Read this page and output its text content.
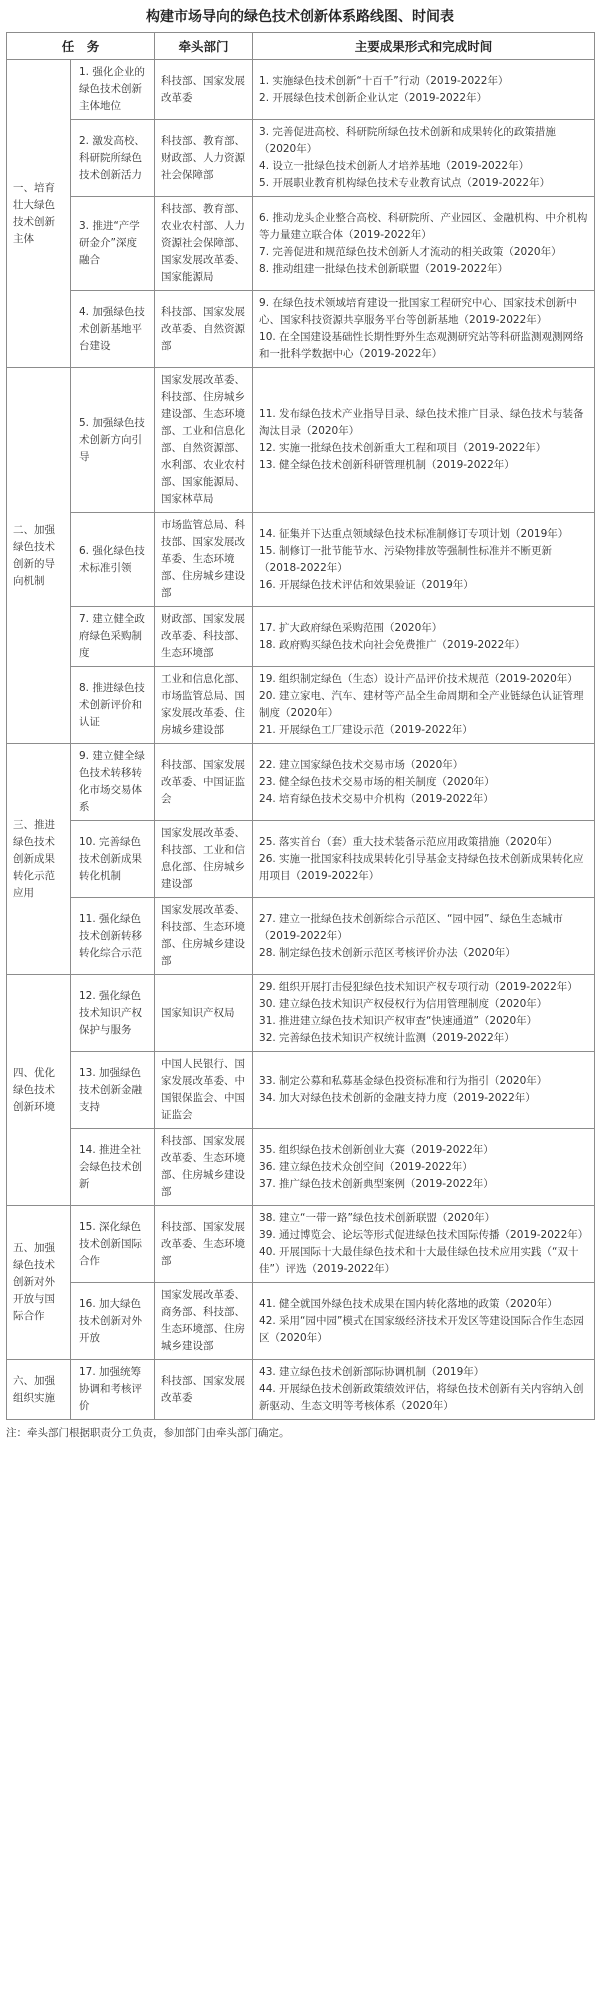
构建市场导向的绿色技术创新体系路线图、时间表
任　务		牵头部门	主要成果形式和完成时间
一、培育壮大绿色技术创新主体	1. 强化企业的绿色技术创新主体地位	科技部、国家发展改革委	1. 实施绿色技术创新“十百千”行动（2019-2022年）
2. 开展绿色技术创新企业认定（2019-2022年）

	2. 激发高校、科研院所绿色技术创新活力	科技部、教育部、财政部、人力资源社会保障部	3. 完善促进高校、科研院所绿色技术创新和成果转化的政策措施（2020年）
4. 设立一批绿色技术创新人才培养基地（2019-2022年）
5. 开展职业教育机构绿色技术专业教育试点（2019-2022年）

	3. 推进“产学研金介”深度融合	科技部、教育部、农业农村部、人力资源社会保障部、国家发展改革委、国家能源局	6. 推动龙头企业整合高校、科研院所、产业园区、金融机构、中介机构等力量建立联合体（2019-2022年）
7. 完善促进和规范绿色技术创新人才流动的相关政策（2020年）
8. 推动组建一批绿色技术创新联盟（2019-2022年）

	4. 加强绿色技术创新基地平台建设	科技部、国家发展改革委、自然资源部	9. 在绿色技术领域培育建设一批国家工程研究中心、国家技术创新中心、国家科技资源共享服务平台等创新基地（2019-2022年）
10. 在全国建设基础性长期性野外生态观测研究站等科研监测观测网络和一批科学数据中心（2019-2022年）

二、加强绿色技术创新的导向机制	5. 加强绿色技术创新方向引导	国家发展改革委、科技部、住房城乡建设部、生态环境部、工业和信息化部、自然资源部、水利部、农业农村部、国家能源局、国家林草局	11. 发布绿色技术产业指导目录、绿色技术推广目录、绿色技术与装备淘汰目录（2020年）
12. 实施一批绿色技术创新重大工程和项目（2019-2022年）
13. 健全绿色技术创新科研管理机制（2019-2022年）

	6. 强化绿色技术标准引领	市场监管总局、科技部、国家发展改革委、生态环境部、住房城乡建设部	14. 征集并下达重点领域绿色技术标准制修订专项计划（2019年）
15. 制修订一批节能节水、污染物排放等强制性标准并不断更新（2018-2022年）
16. 开展绿色技术评估和效果验证（2019年）

	7. 建立健全政府绿色采购制度	财政部、国家发展改革委、科技部、生态环境部	17. 扩大政府绿色采购范围（2020年）
18. 政府购买绿色技术向社会免费推广（2019-2022年）

	8. 推进绿色技术创新评价和认证	工业和信息化部、市场监管总局、国家发展改革委、住房城乡建设部	19. 组织制定绿色（生态）设计产品评价技术规范（2019-2020年）
20. 建立家电、汽车、建材等产品全生命周期和全产业链绿色认证管理制度（2020年）
21. 开展绿色工厂建设示范（2019-2022年）

三、推进绿色技术创新成果转化示范应用	9. 建立健全绿色技术转移转化市场交易体系	科技部、国家发展改革委、中国证监会	22. 建立国家绿色技术交易市场（2020年）
23. 健全绿色技术交易市场的相关制度（2020年）
24. 培育绿色技术交易中介机构（2019-2022年）

	10. 完善绿色技术创新成果转化机制	国家发展改革委、科技部、工业和信息化部、住房城乡建设部	25. 落实首台（套）重大技术装备示范应用政策措施（2020年）
26. 实施一批国家科技成果转化引导基金支持绿色技术创新成果转化应用项目（2019-2022年）

	11. 强化绿色技术创新转移转化综合示范	国家发展改革委、科技部、生态环境部、住房城乡建设部	27. 建立一批绿色技术创新综合示范区、“园中园”、绿色生态城市（2019-2022年）
28. 制定绿色技术创新示范区考核评价办法（2020年）

四、优化绿色技术创新环境	12. 强化绿色技术知识产权保护与服务	国家知识产权局	29. 组织开展打击侵犯绿色技术知识产权专项行动（2019-2022年）
30. 建立绿色技术知识产权侵权行为信用管理制度（2020年）
31. 推进建立绿色技术知识产权审查“快速通道”（2020年）
32. 完善绿色技术知识产权统计监测（2019-2022年）

	13. 加强绿色技术创新金融支持	中国人民银行、国家发展改革委、中国银保监会、中国证监会	33. 制定公募和私募基金绿色投资标准和行为指引（2020年）
34. 加大对绿色技术创新的金融支持力度（2019-2022年）

	14. 推进全社会绿色技术创新	科技部、国家发展改革委、生态环境部、住房城乡建设部	35. 组织绿色技术创新创业大赛（2019-2022年）
36. 建立绿色技术众创空间（2019-2022年）
37. 推广绿色技术创新典型案例（2019-2022年）

五、加强绿色技术创新对外开放与国际合作	15. 深化绿色技术创新国际合作	科技部、国家发展改革委、生态环境部	38. 建立“一带一路”绿色技术创新联盟（2020年）
39. 通过博览会、论坛等形式促进绿色技术国际传播（2019-2022年）
40. 开展国际十大最佳绿色技术和十大最佳绿色技术应用实践（“双十佳”）评选（2019-2022年）

	16. 加大绿色技术创新对外开放	国家发展改革委、商务部、科技部、生态环境部、住房城乡建设部	41. 健全就国外绿色技术成果在国内转化落地的政策（2020年）
42. 采用“园中园”模式在国家级经济技术开发区等建设国际合作生态园区（2020年）

六、加强组织实施	17. 加强统筹协调和考核评价	科技部、国家发展改革委	43. 建立绿色技术创新部际协调机制（2019年）
44. 开展绿色技术创新政策绩效评估，将绿色技术创新有关内容纳入创新驱动、生态文明等考核体系（2020年）
注：牵头部门根据职责分工负责，参加部门由牵头部门确定。
